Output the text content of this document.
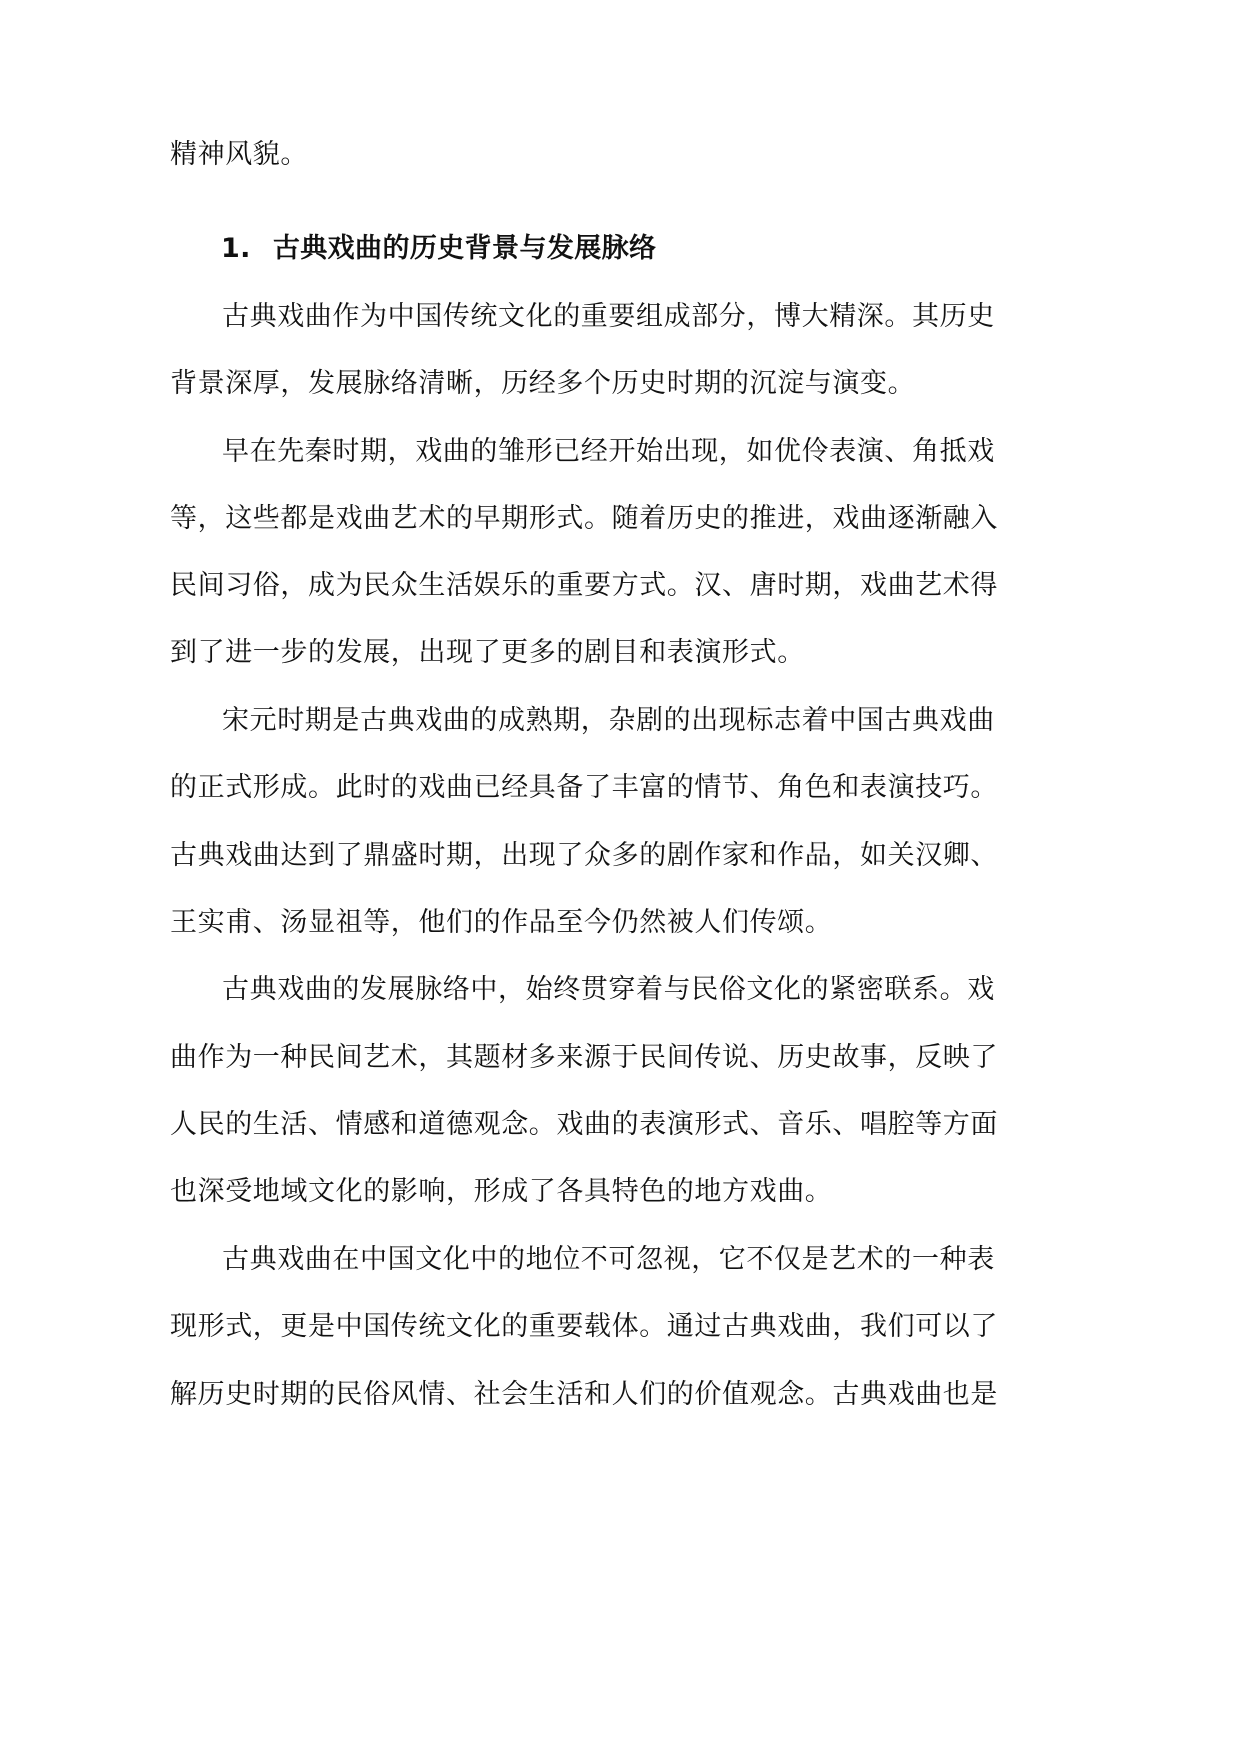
精神风貌。
1. 古典戏曲的历史背景与发展脉络
古典戏曲作为中国传统文化的重要组成部分，博大精深。其历史
背景深厚，发展脉络清晰，历经多个历史时期的沉淀与演变。
早在先秦时期，戏曲的雏形已经开始出现，如优伶表演、角抵戏
等，这些都是戏曲艺术的早期形式。随着历史的推进，戏曲逐渐融入
民间习俗，成为民众生活娱乐的重要方式。汉、唐时期，戏曲艺术得
到了进一步的发展，出现了更多的剧目和表演形式。
宋元时期是古典戏曲的成熟期，杂剧的出现标志着中国古典戏曲
的正式形成。此时的戏曲已经具备了丰富的情节、角色和表演技巧。
古典戏曲达到了鼎盛时期，出现了众多的剧作家和作品，如关汉卿、
王实甫、汤显祖等，他们的作品至今仍然被人们传颂。
古典戏曲的发展脉络中，始终贯穿着与民俗文化的紧密联系。戏
曲作为一种民间艺术，其题材多来源于民间传说、历史故事，反映了
人民的生活、情感和道德观念。戏曲的表演形式、音乐、唱腔等方面
也深受地域文化的影响，形成了各具特色的地方戏曲。
古典戏曲在中国文化中的地位不可忽视，它不仅是艺术的一种表
现形式，更是中国传统文化的重要载体。通过古典戏曲，我们可以了
解历史时期的民俗风情、社会生活和人们的价值观念。古典戏曲也是
